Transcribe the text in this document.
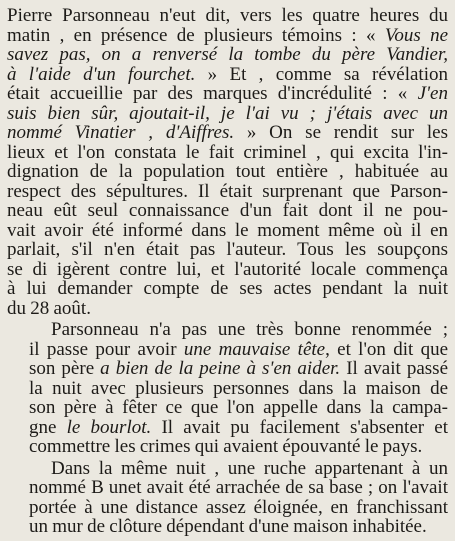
Pierre Parsonneau n'eut dit, vers les quatre heures du
matin , en présence de plusieurs témoins : « Vous ne
savez pas, on a renversé la tombe du père Vandier,
à l'aide d'un fourchet. » Et , comme sa révélation
était accueillie par des marques d'incrédulité : « J'en
suis bien sûr, ajoutait-il, je l'ai vu ; j'étais avec un
nommé Vinatier , d'Aiffres. » On se rendit sur les
lieux et l'on constata le fait criminel , qui excita l'in-
dignation de la population tout entière , habituée au
respect des sépultures. Il était surprenant que Parson-
neau eût seul connaissance d'un fait dont il ne pou-
vait avoir été informé dans le moment même où il en
parlait, s'il n'en était pas l'auteur. Tous les soupçons
se di igèrent contre lui, et l'autorité locale commença
à lui demander compte de ses actes pendant la nuit
du 28 août.
Parsonneau n'a pas une très bonne renommée ;
il passe pour avoir une mauvaise tête, et l'on dit que
son père a bien de la peine à s'en aider. Il avait passé
la nuit avec plusieurs personnes dans la maison de
son père à fêter ce que l'on appelle dans la campa-
gne le bourlot. Il avait pu facilement s'absenter et
commettre les crimes qui avaient épouvanté le pays.
Dans la même nuit , une ruche appartenant à un
nommé B unet avait été arrachée de sa base ; on l'avait
portée à une distance assez éloignée, en franchissant
un mur de clôture dépendant d'une maison inhabitée.
